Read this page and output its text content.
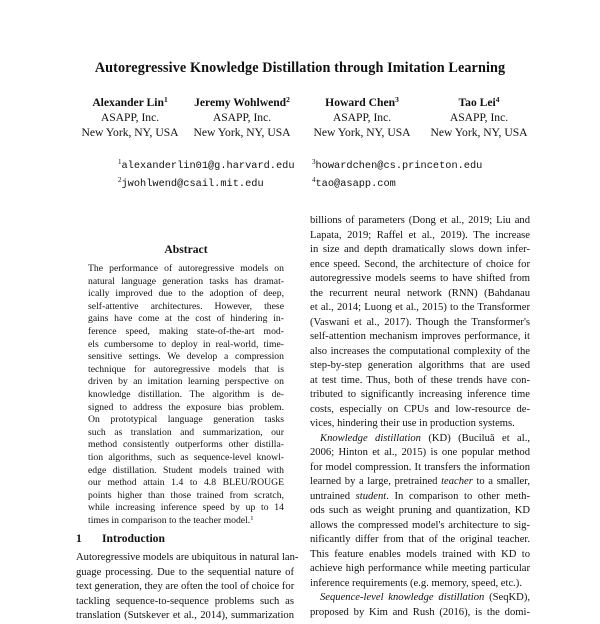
Autoregressive Knowledge Distillation through Imitation Learning
Alexander Lin$^1$
ASAPP, Inc.
New York, NY, USA
Jeremy Wohlwend$^2$
ASAPP, Inc.
New York, NY, USA
Howard Chen$^3$
ASAPP, Inc.
New York, NY, USA
Tao Lei$^4$
ASAPP, Inc.
New York, NY, USA
$^1$alexanderlin01@g.harvard.edu
$^2$jwohlwend@csail.mit.edu
$^3$howardchen@cs.princeton.edu
$^4$tao@asapp.com
Abstract
The performance of autoregressive models on
natural language generation tasks has dramat-
ically improved due to the adoption of deep,
self-attentive architectures. However, these
gains have come at the cost of hindering in-
ference speed, making state-of-the-art mod-
els cumbersome to deploy in real-world, time-
sensitive settings. We develop a compression
technique for autoregressive models that is
driven by an imitation learning perspective on
knowledge distillation. The algorithm is de-
signed to address the exposure bias problem.
On prototypical language generation tasks
such as translation and summarization, our
method consistently outperforms other distilla-
tion algorithms, such as sequence-level knowl-
edge distillation. Student models trained with
our method attain 1.4 to 4.8 BLEU/ROUGE
points higher than those trained from scratch,
while increasing inference speed by up to 14
times in comparison to the teacher model.$^1$
1 Introduction
Autoregressive models are ubiquitous in natural lan-
guage processing. Due to the sequential nature of
text generation, they are often the tool of choice for
tackling sequence-to-sequence problems such as
translation (Sutskever et al., 2014), summarization
billions of parameters (Dong et al., 2019; Liu and
Lapata, 2019; Raffel et al., 2019). The increase
in size and depth dramatically slows down infer-
ence speed. Second, the architecture of choice for
autoregressive models seems to have shifted from
the recurrent neural network (RNN) (Bahdanau
et al., 2014; Luong et al., 2015) to the Transformer
(Vaswani et al., 2017). Though the Transformer's
self-attention mechanism improves performance, it
also increases the computational complexity of the
step-by-step generation algorithms that are used
at test time. Thus, both of these trends have con-
tributed to significantly increasing inference time
costs, especially on CPUs and low-resource de-
vices, hindering their use in production systems.
Knowledge distillation (KD) (Buciluǎ et al.,
2006; Hinton et al., 2015) is one popular method
for model compression. It transfers the information
learned by a large, pretrained teacher to a smaller,
untrained student. In comparison to other meth-
ods such as weight pruning and quantization, KD
allows the compressed model's architecture to sig-
nificantly differ from that of the original teacher.
This feature enables models trained with KD to
achieve high performance while meeting particular
inference requirements (e.g. memory, speed, etc.).
Sequence-level knowledge distillation (SeqKD),
proposed by Kim and Rush (2016), is the domi-
